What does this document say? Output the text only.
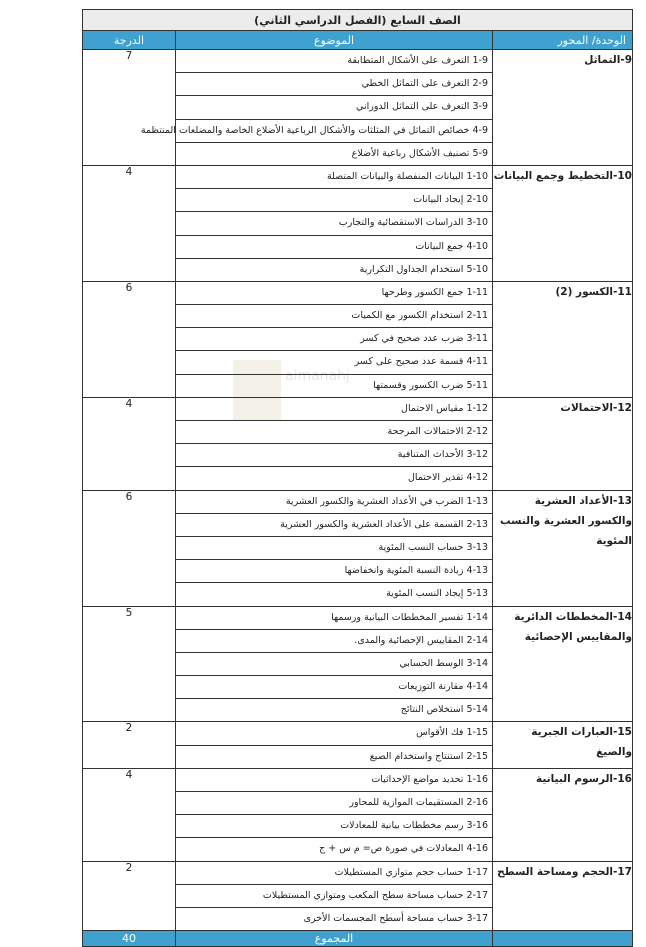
almanahj
الصف السابع (الفصل الدراسي الثاني)		
الوحدة/ المحور	الموضوع	الدرجة
9-التماثل	1-9 التعرف على الأشكال المتطابقة
2-9 التعرف على التماثل الخطي
3-9 التعرف على التماثل الدوراني
4-9 خصائص التماثل في المثلثات والأشكال الرباعية الأضلاع الخاصة والمضلعات المنتظمة
5-9 تصنيف الأشكال رباعية الأضلاع	7
10-التخطيط وجمع البيانات	1-10 البيانات المنفصلة والبيانات المتصلة
2-10 إيجاد البيانات
3-10 الدراسات الاستقصائية والتجارب
4-10 جمع البيانات
5-10 استخدام الجداول التكرارية	4
11-الكسور (2)	1-11 جمع الكسور وطرحها
2-11 استخدام الكسور مع الكميات
3-11 ضرب عدد صحيح في كسر
4-11 قسمة عدد صحيح على كسر
5-11 ضرب الكسور وقسمتها	6
12-الاحتمالات	1-12 مقياس الاحتمال
2-12 الاحتمالات المرجحة
3-12 الأحداث المتنافية
4-12 تقدير الاحتمال	4
13-الأعداد العشرية والكسور العشرية والنسب المئوية	1-13 الضرب في الأعداد العشرية والكسور العشرية
2-13 القسمة على الأعداد العشرية والكسور العشرية
3-13 حساب النسب المئوية
4-13 زيادة النسبة المئوية وانخفاضها
5-13 إيجاد النسب المئوية	6
14-المخططات الدائرية والمقاييس الإحصائية	1-14 تفسير المخططات البيانية ورسمها
2-14 المقاييس الإحصائية والمدى.
3-14 الوسط الحسابي
4-14 مقارنة التوزيعات
5-14 استخلاص النتائج	5
15-العبارات الجبرية والصيغ	1-15 فك الأقواس
2-15 استنتاج واستخدام الصيغ	2
16-الرسوم البيانية	1-16 تحديد مواضع الإحداثيات
2-16 المستقيمات الموازية للمحاور
3-16 رسم مخططات بيانية للمعادلات
4-16 المعادلات في صورة ص= م س + ج	4
17-الحجم ومساحة السطح	1-17 حساب حجم متوازي المستطيلات
2-17 حساب مساحة سطح المكعب ومتوازي المستطيلات
3-17 حساب مساحة أسطح المجسمات الأخرى	2
	المجموع	40
